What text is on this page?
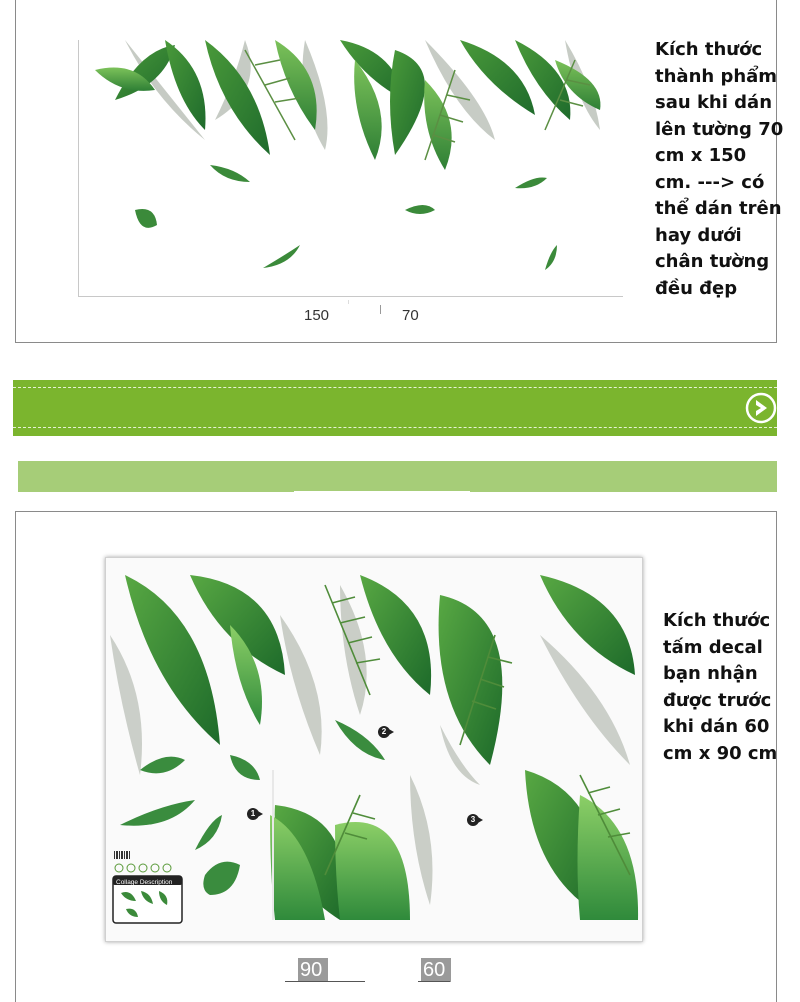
150	70
Kích thước thành phẩm sau khi dán lên tường 70 cm x 150 cm. ---> có thể dán trên hay dưới chân tường đều đẹp
1
2
3
Collage Description
Kích thước tấm decal bạn nhận được trước khi dán 60 cm x 90 cm
90	60
